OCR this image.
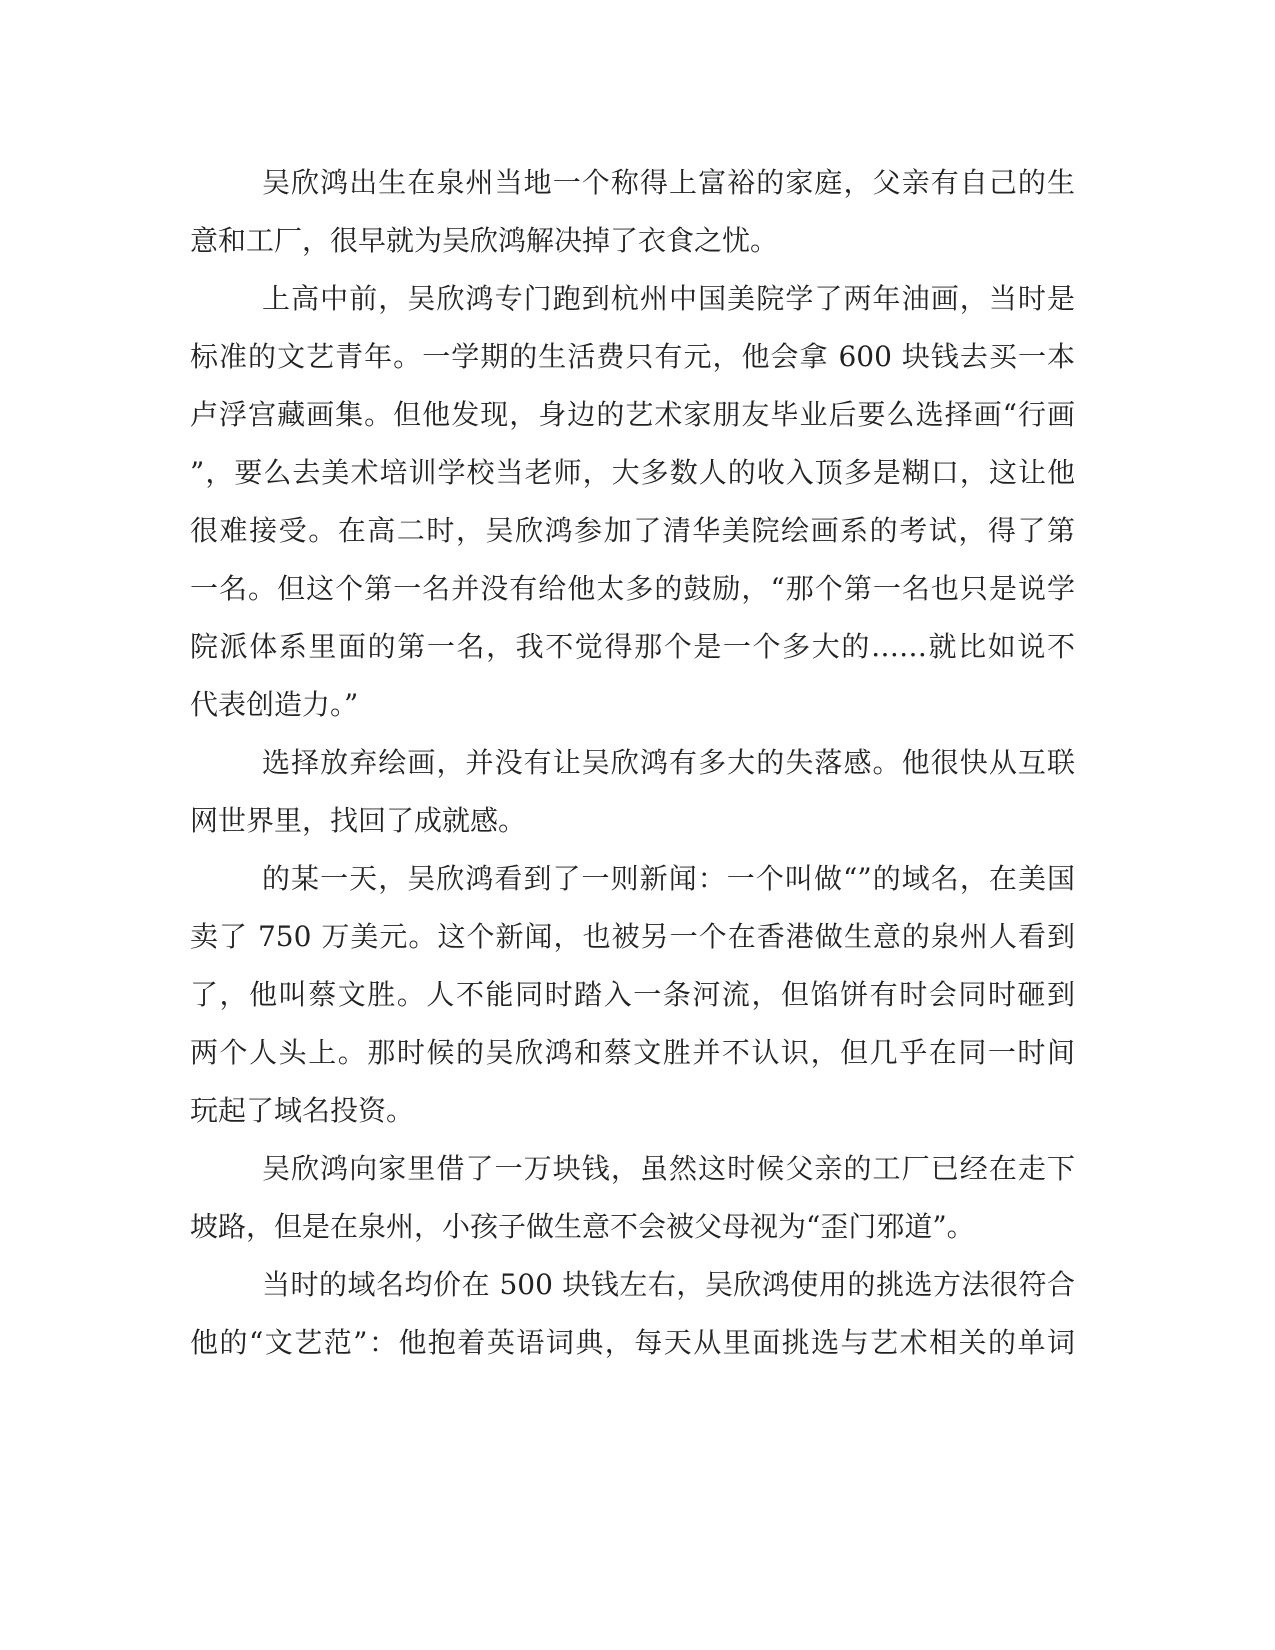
吴欣鸿出生在泉州当地一个称得上富裕的家庭，父亲有自己的生
意和工厂，很早就为吴欣鸿解决掉了衣食之忧。
上高中前，吴欣鸿专门跑到杭州中国美院学了两年油画，当时是
标准的文艺青年。一学期的生活费只有元，他会拿 600 块钱去买一本
卢浮宫藏画集。但他发现，身边的艺术家朋友毕业后要么选择画“行画
”，要么去美术培训学校当老师，大多数人的收入顶多是糊口，这让他
很难接受。在高二时，吴欣鸿参加了清华美院绘画系的考试，得了第
一名。但这个第一名并没有给他太多的鼓励，“那个第一名也只是说学
院派体系里面的第一名，我不觉得那个是一个多大的……就比如说不
代表创造力。”
选择放弃绘画，并没有让吴欣鸿有多大的失落感。他很快从互联
网世界里，找回了成就感。
的某一天，吴欣鸿看到了一则新闻：一个叫做“”的域名，在美国
卖了 750 万美元。这个新闻，也被另一个在香港做生意的泉州人看到
了，他叫蔡文胜。人不能同时踏入一条河流，但馅饼有时会同时砸到
两个人头上。那时候的吴欣鸿和蔡文胜并不认识，但几乎在同一时间
玩起了域名投资。
吴欣鸿向家里借了一万块钱，虽然这时候父亲的工厂已经在走下
坡路，但是在泉州，小孩子做生意不会被父母视为“歪门邪道”。
当时的域名均价在 500 块钱左右，吴欣鸿使用的挑选方法很符合
他的“文艺范”：他抱着英语词典，每天从里面挑选与艺术相关的单词
